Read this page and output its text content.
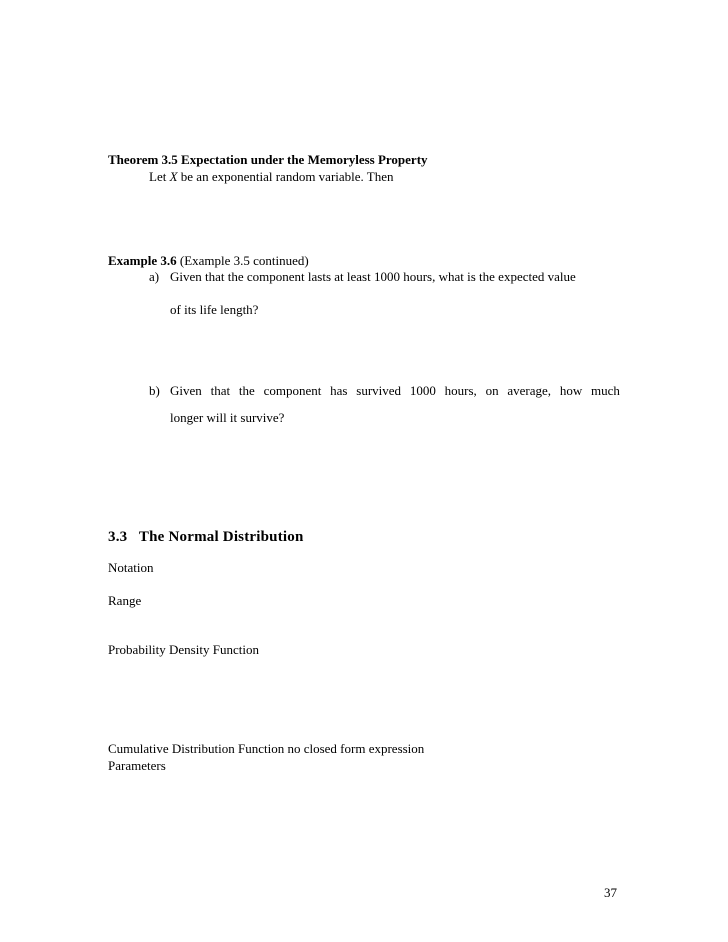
Theorem 3.5 Expectation under the Memoryless Property
Let X be an exponential random variable. Then
Example 3.6 (Example 3.5 continued)
a) Given that the component lasts at least 1000 hours, what is the expected value
of its life length?
b) Given that the component has survived 1000 hours, on average, how much
longer will it survive?
3.3   The Normal Distribution
Notation
Range
Probability Density Function
Cumulative Distribution Function no closed form expression
Parameters
37
